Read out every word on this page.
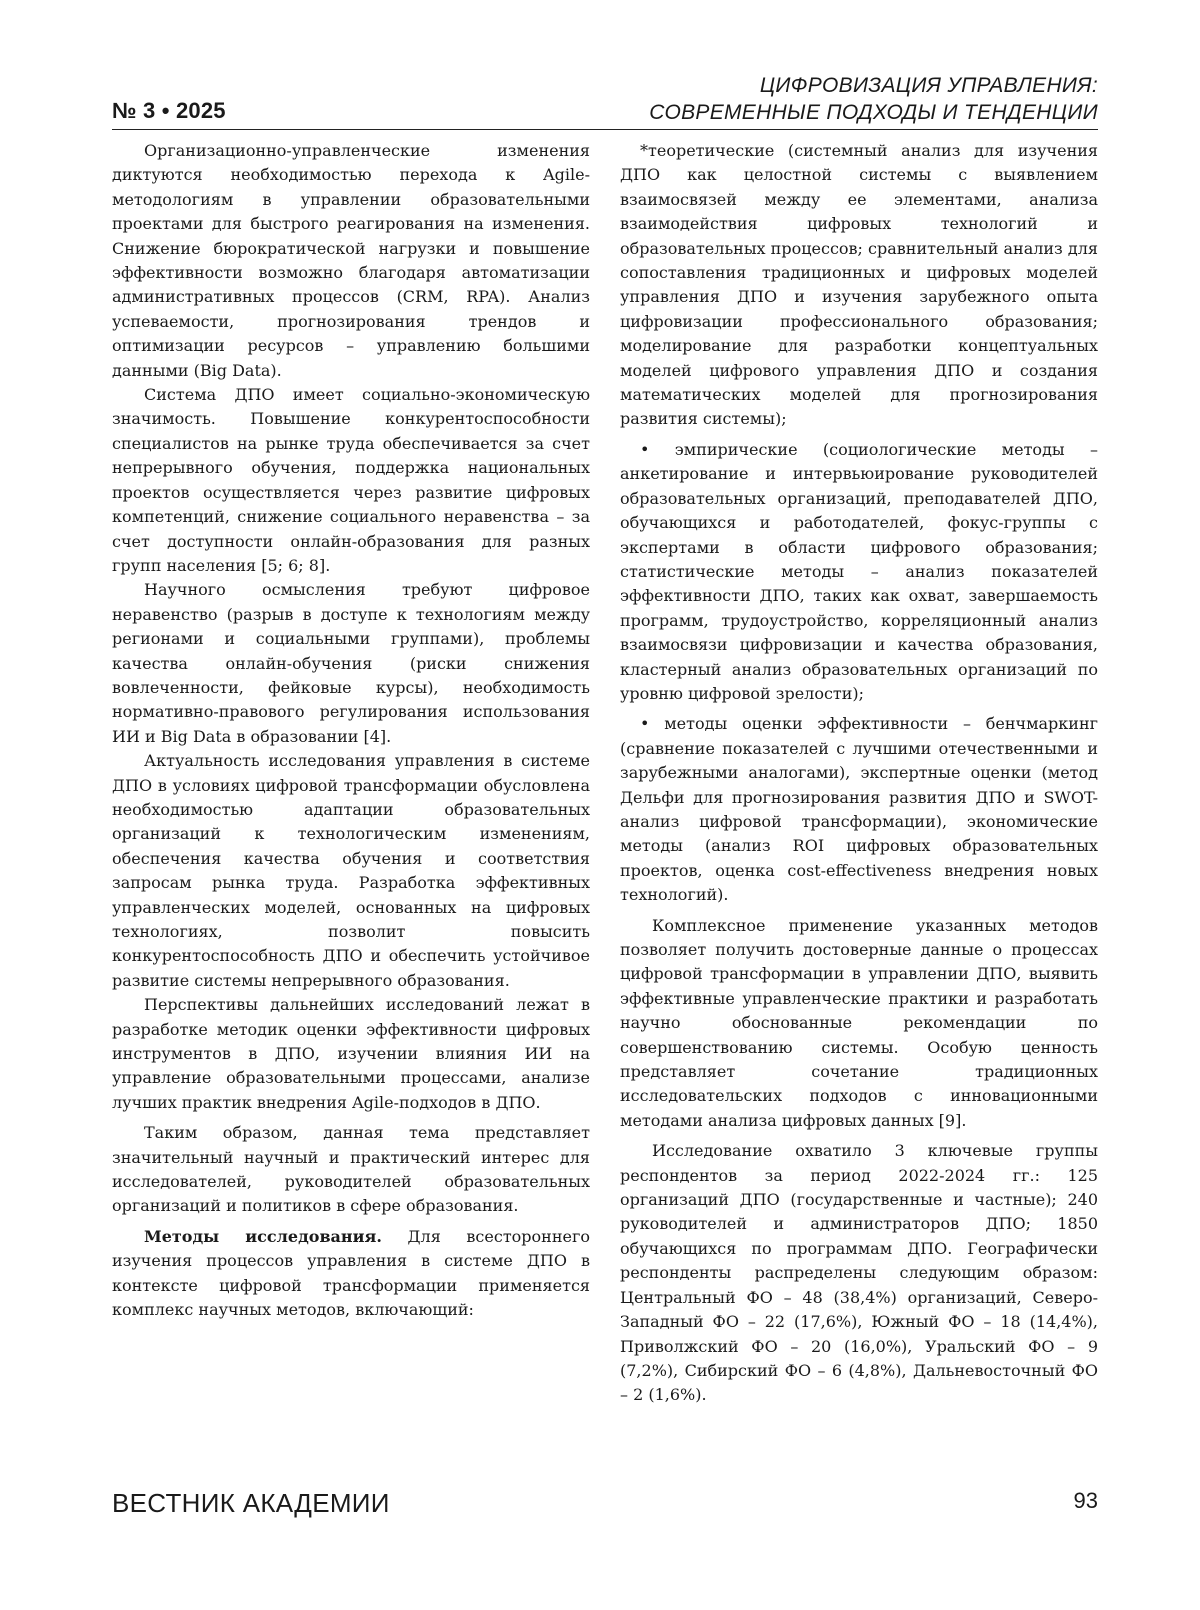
№ 3 • 2025
ЦИФРОВИЗАЦИЯ УПРАВЛЕНИЯ:
СОВРЕМЕННЫЕ ПОДХОДЫ И ТЕНДЕНЦИИ

Организационно-управленческие изменения диктуются необходимостью перехода к Agile-методологиям в управлении образовательными проектами для быстрого реагирования на изменения. Снижение бюрократической нагрузки и повышение эффективности возможно благодаря автоматизации административных процессов (CRM, RPA). Анализ успеваемости, прогнозирования трендов и оптимизации ресурсов – управлению большими данными (Big Data).

Система ДПО имеет социально-экономическую значимость. Повышение конкурентоспособности специалистов на рынке труда обеспечивается за счет непрерывного обучения, поддержка национальных проектов осуществляется через развитие цифровых компетенций, снижение социального неравенства – за счет доступности онлайн-образования для разных групп населения [5; 6; 8].

Научного осмысления требуют цифровое неравенство (разрыв в доступе к технологиям между регионами и социальными группами), проблемы качества онлайн-обучения (риски снижения вовлеченности, фейковые курсы), необходимость нормативно-правового регулирования использования ИИ и Big Data в образовании [4].

Актуальность исследования управления в системе ДПО в условиях цифровой трансформации обусловлена необходимостью адаптации образовательных организаций к технологическим изменениям, обеспечения качества обучения и соответствия запросам рынка труда. Разработка эффективных управленческих моделей, основанных на цифровых технологиях, позволит повысить конкурентоспособность ДПО и обеспечить устойчивое развитие системы непрерывного образования.

Перспективы дальнейших исследований лежат в разработке методик оценки эффективности цифровых инструментов в ДПО, изучении влияния ИИ на управление образовательными процессами, анализе лучших практик внедрения Agile-подходов в ДПО.

Таким образом, данная тема представляет значительный научный и практический интерес для исследователей, руководителей образовательных организаций и политиков в сфере образования.

Методы исследования. Для всестороннего изучения процессов управления в системе ДПО в контексте цифровой трансформации применяется комплекс научных методов, включающий:

*теоретические (системный анализ для изучения ДПО как целостной системы с выявлением взаимосвязей между ее элементами, анализа взаимодействия цифровых технологий и образовательных процессов; сравнительный анализ для сопоставления традиционных и цифровых моделей управления ДПО и изучения зарубежного опыта цифровизации профессионального образования; моделирование для разработки концептуальных моделей цифрового управления ДПО и создания математических моделей для прогнозирования развития системы);

• эмпирические (социологические методы – анкетирование и интервьюирование руководителей образовательных организаций, преподавателей ДПО, обучающихся и работодателей, фокус-группы с экспертами в области цифрового образования; статистические методы – анализ показателей эффективности ДПО, таких как охват, завершаемость программ, трудоустройство, корреляционный анализ взаимосвязи цифровизации и качества образования, кластерный анализ образовательных организаций по уровню цифровой зрелости);

• методы оценки эффективности – бенчмаркинг (сравнение показателей с лучшими отечественными и зарубежными аналогами), экспертные оценки (метод Дельфи для прогнозирования развития ДПО и SWOT-анализ цифровой трансформации), экономические методы (анализ ROI цифровых образовательных проектов, оценка cost-effectiveness внедрения новых технологий).

Комплексное применение указанных методов позволяет получить достоверные данные о процессах цифровой трансформации в управлении ДПО, выявить эффективные управленческие практики и разработать научно обоснованные рекомендации по совершенствованию системы. Особую ценность представляет сочетание традиционных исследовательских подходов с инновационными методами анализа цифровых данных [9].

Исследование охватило 3 ключевые группы респондентов за период 2022-2024 гг.: 125 организаций ДПО (государственные и частные); 240 руководителей и администраторов ДПО; 1850 обучающихся по программам ДПО. Географически респонденты распределены следующим образом: Центральный ФО – 48 (38,4%) организаций, Северо-Западный ФО – 22 (17,6%), Южный ФО – 18 (14,4%), Приволжский ФО – 20 (16,0%), Уральский ФО – 9 (7,2%), Сибирский ФО – 6 (4,8%), Дальневосточный ФО – 2 (1,6%).

ВЕСТНИК АКАДЕМИИ	93
